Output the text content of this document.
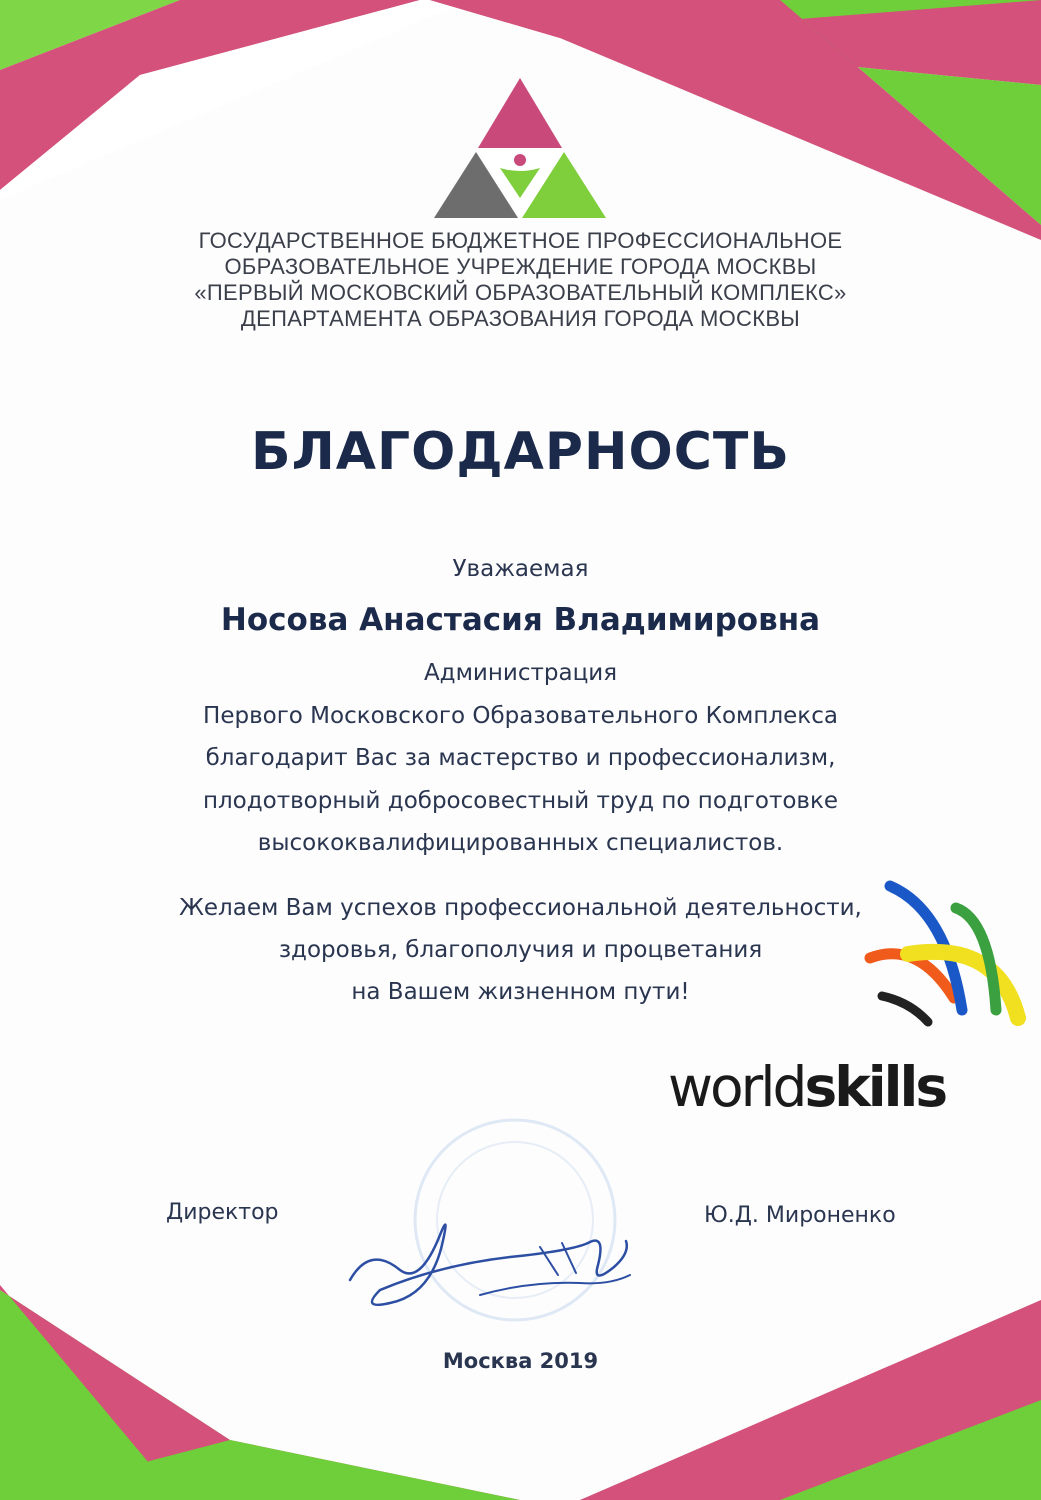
ГОСУДАРСТВЕННОЕ БЮДЖЕТНОЕ ПРОФЕССИОНАЛЬНОЕ
ОБРАЗОВАТЕЛЬНОЕ УЧРЕЖДЕНИЕ ГОРОДА МОСКВЫ
«ПЕРВЫЙ МОСКОВСКИЙ ОБРАЗОВАТЕЛЬНЫЙ КОМПЛЕКС»
ДЕПАРТАМЕНТА ОБРАЗОВАНИЯ ГОРОДА МОСКВЫ
БЛАГОДАРНОСТЬ
Уважаемая
Носова Анастасия Владимировна
Администрация
Первого Московского Образовательного Комплекса
благодарит Вас за мастерство и профессионализм,
плодотворный добросовестный труд по подготовке
высококвалифицированных специалистов.
Желаем Вам успехов профессиональной деятельности,
здоровья, благополучия и процветания
на Вашем жизненном пути!
worldskills
Директор	Ю.Д. Мироненко
Москва 2019
